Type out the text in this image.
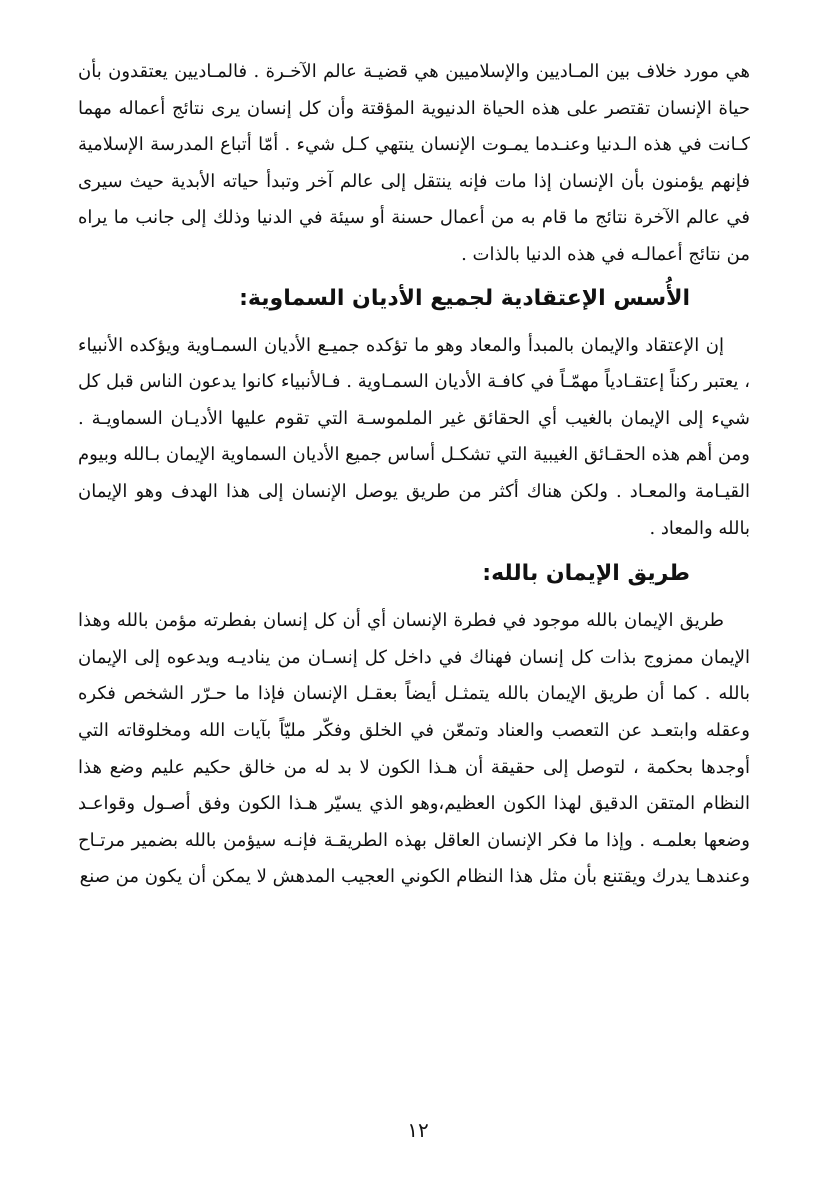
هي مورد خلاف بين المـاديين والإسلاميين هي قضيـة عالم الآخـرة . فالمـاديين يعتقدون بأن حياة الإنسان تقتصر على هذه الحياة الدنيوية المؤقتة وأن كل إنسان يرى نتائج أعماله مهما كـانت في هذه الـدنيا وعنـدما يمـوت الإنسان ينتهي كـل شيء . أمّا أتباع المدرسة الإسلامية فإنهم يؤمنون بأن الإنسان إذا مات فإنه ينتقل إلى عالم آخر وتبدأ حياته الأبدية حيث سيرى في عالم الآخرة نتائج ما قام به من أعمال حسنة أو سيئة في الدنيا وذلك إلى جانب ما يراه من نتائج أعمالـه في هذه الدنيا بالذات .

الأُسس الإعتقادية لجميع الأديان السماوية:

إن الإعتقاد والإيمان بالمبدأ والمعاد وهو ما تؤكده جميـع الأديان السمـاوية ويؤكده الأنبياء ، يعتبر ركناً إعتقـادياً مهمّـاً في كافـة الأديان السمـاوية . فـالأنبياء كانوا يدعون الناس قبل كل شيء إلى الإيمان بالغيب أي الحقائق غير الملموسـة التي تقوم عليها الأديـان السماويـة . ومن أهم هذه الحقـائق الغيبية التي تشكـل أساس جميع الأديان السماوية الإيمان بـالله وبيوم القيـامة والمعـاد . ولكن هناك أكثر من طريق يوصل الإنسان إلى هذا الهدف وهو الإيمان بالله والمعاد .

طريق الإيمان بالله:

طريق الإيمان بالله موجود في فطرة الإنسان أي أن كل إنسان بفطرته مؤمن بالله وهذا الإيمان ممزوج بذات كل إنسان فهناك في داخل كل إنسـان من يناديـه ويدعوه إلى الإيمان بالله . كما أن طريق الإيمان بالله يتمثـل أيضاً بعقـل الإنسان فإذا ما حـرّر الشخص فكره وعقله وابتعـد عن التعصب والعناد وتمعّن في الخلق وفكّر مليّاً بآيات الله ومخلوقاته التي أوجدها بحكمة ، لتوصل إلى حقيقة أن هـذا الكون لا بد له من خالق حكيم عليم وضع هذا النظام المتقن الدقيق لهذا الكون العظيم،وهو الذي يسيّر هـذا الكون وفق أصـول وقواعـد وضعها بعلمـه . وإذا ما فكر الإنسان العاقل بهذه الطريقـة فإنـه سيؤمن بالله بضمير مرتـاح وعندهـا يدرك ويقتنع بأن مثل هذا النظام الكوني العجيب المدهش لا يمكن أن يكون من صنع

١٢
